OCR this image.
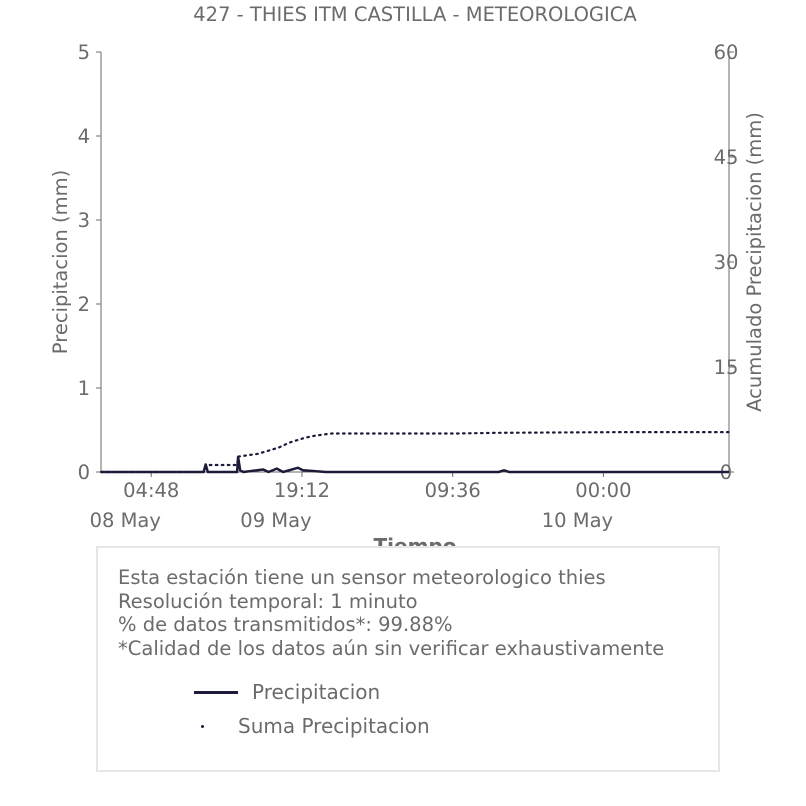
427 - THIES ITM CASTILLA - METEOROLOGICA
Precipitacion (mm)	Acumulado Precipitacion (mm)
0
1
2
3
4
5
0
15
30
45
60
04:48
08 May
19:12
09 May
09:36	00:00
10 May
Esta estación tiene un sensor meteorologico thies
Resolución temporal: 1 minuto
% de datos transmitidos*: 99.88%
*Calidad de los datos aún sin verificar exhaustivamente
Precipitacion
Suma Precipitacion
